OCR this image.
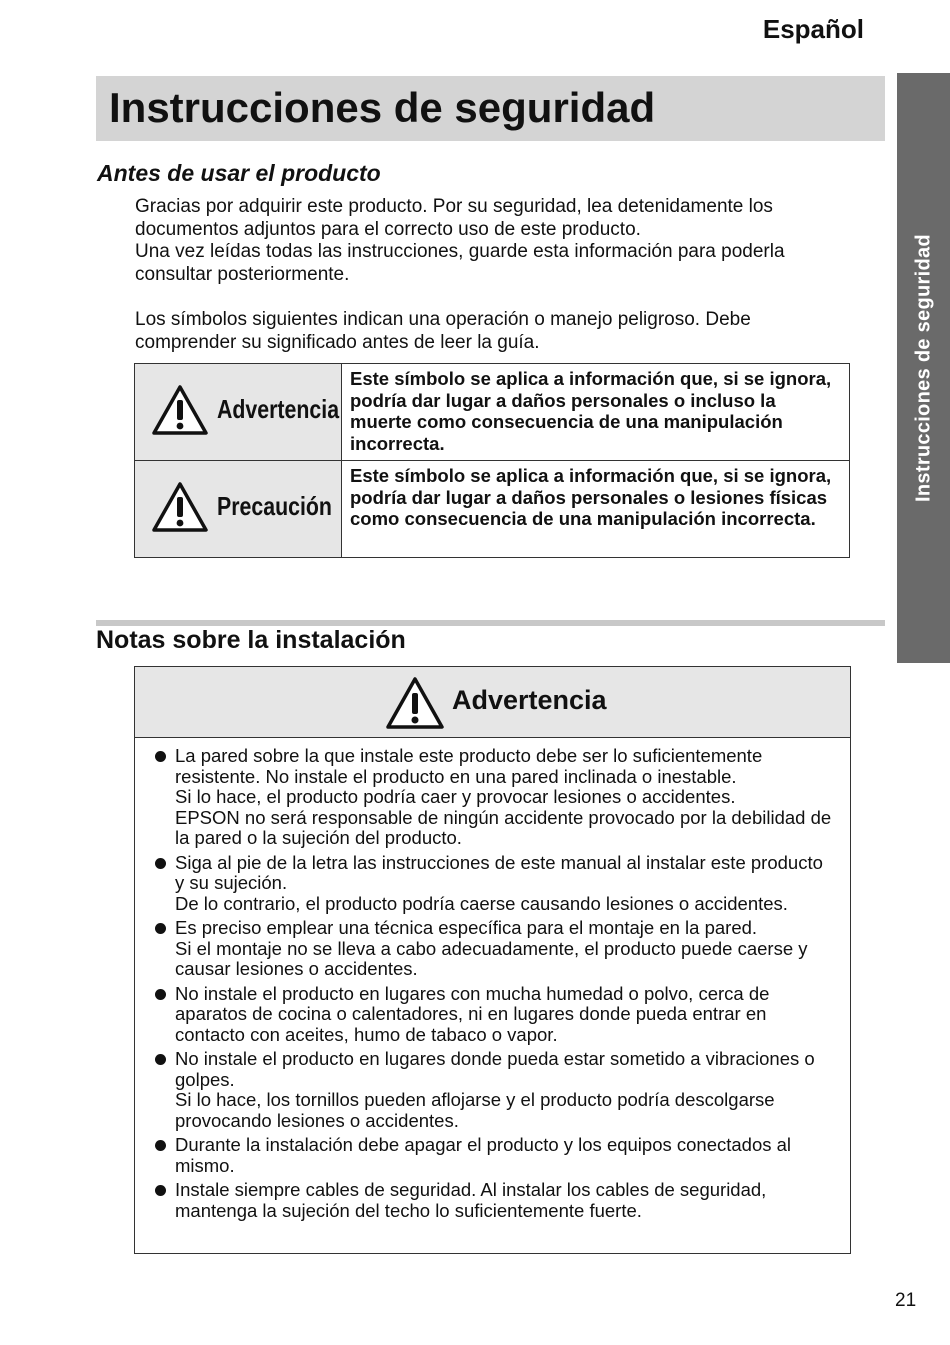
Español
Instrucciones de seguridad
Instrucciones de seguridad
Antes de usar el producto

Gracias por adquirir este producto. Por su seguridad, lea detenidamente los documentos adjuntos para el correcto uso de este producto.

Una vez leídas todas las instrucciones, guarde esta información para poderla consultar posteriormente.

Los símbolos siguientes indican una operación o manejo peligroso. Debe comprender su significado antes de leer la guía.

Advertencia	Este símbolo se aplica a información que, si se ignora, podría dar lugar a daños personales o incluso la muerte como consecuencia de una manipulación incorrecta.

Precaución	Este símbolo se aplica a información que, si se ignora, podría dar lugar a daños personales o lesiones físicas como consecuencia de una manipulación incorrecta.
Notas sobre la instalación
Advertencia
La pared sobre la que instale este producto debe ser lo suficientemente resistente. No instale el producto en una pared inclinada o inestable.
Si lo hace, el producto podría caer y provocar lesiones o accidentes.
EPSON no será responsable de ningún accidente provocado por la debilidad de la pared o la sujeción del producto.
Siga al pie de la letra las instrucciones de este manual al instalar este producto y su sujeción.
De lo contrario, el producto podría caerse causando lesiones o accidentes.
Es preciso emplear una técnica específica para el montaje en la pared.
Si el montaje no se lleva a cabo adecuadamente, el producto puede caerse y causar lesiones o accidentes.
No instale el producto en lugares con mucha humedad o polvo, cerca de aparatos de cocina o calentadores, ni en lugares donde pueda entrar en contacto con aceites, humo de tabaco o vapor.
No instale el producto en lugares donde pueda estar sometido a vibraciones o golpes.
Si lo hace, los tornillos pueden aflojarse y el producto podría descolgarse provocando lesiones o accidentes.
Durante la instalación debe apagar el producto y los equipos conectados al mismo.
Instale siempre cables de seguridad. Al instalar los cables de seguridad, mantenga la sujeción del techo lo suficientemente fuerte.
21
